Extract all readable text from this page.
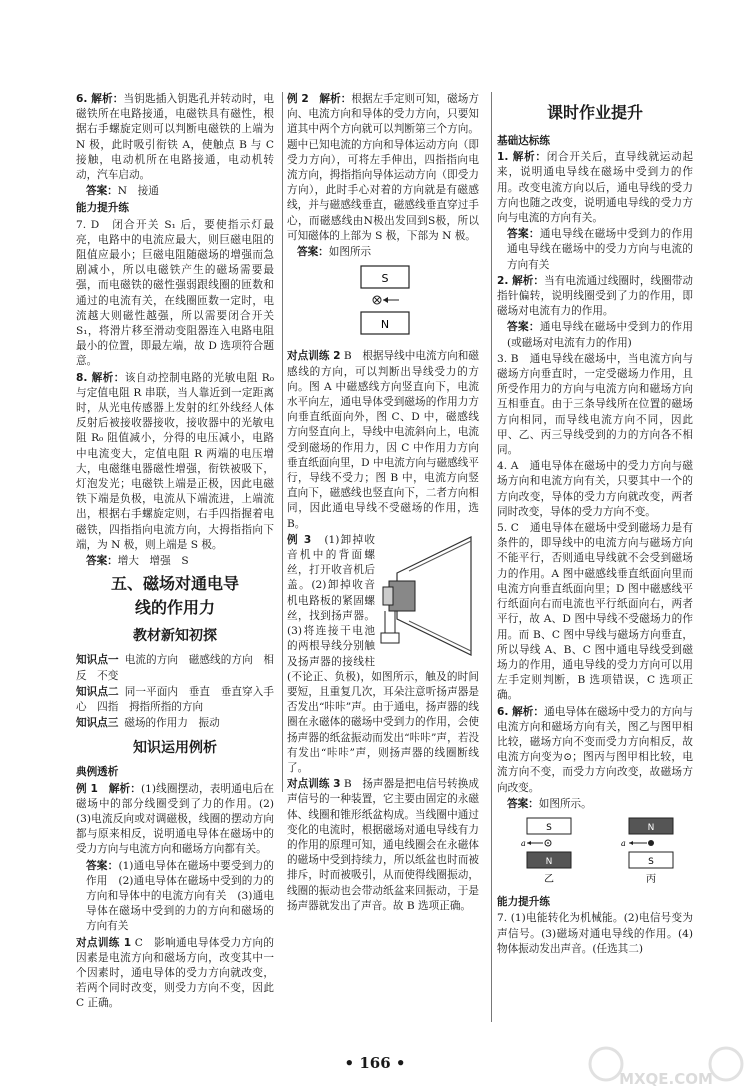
6. 解析：当钥匙插入钥匙孔并转动时，电磁铁所在电路接通，电磁铁具有磁性，根据右手螺旋定则可以判断电磁铁的上端为 N 极，此时吸引衔铁 A，使触点 B 与 C 接触，电动机所在电路接通，电动机转动，汽车启动。

答案：N　接通

能力提升练

7. D　闭合开关 S₁ 后，要使指示灯最亮，电路中的电流应最大，则巨磁电阻的阻值应最小；巨磁电阻随磁场的增强而急剧减小，所以电磁铁产生的磁场需要最强，而电磁铁的磁性强弱跟线圈的匝数和通过的电流有关，在线圈匝数一定时，电流越大则磁性越强，所以需要闭合开关 S₁，将滑片移至滑动变阻器连入电路电阻最小的位置，即最左端，故 D 选项符合题意。

8. 解析：该自动控制电路的光敏电阻 R₀ 与定值电阻 R 串联，当人靠近到一定距离时，从光电传感器上发射的红外线经人体反射后被接收器接收，接收器中的光敏电阻 R₀ 阻值减小，分得的电压减小，电路中电流变大，定值电阻 R 两端的电压增大，电磁继电器磁性增强，衔铁被吸下，灯泡发光；电磁铁上端是正极，因此电磁铁下端是负极，电流从下端流进，上端流出，根据右手螺旋定则，右手四指握着电磁铁，四指指向电流方向，大拇指指向下端，为 N 极，则上端是 S 极。

答案：增大　增强　S

五、磁场对通电导
线的作用力
教材新知初探

知识点一 电流的方向　磁感线的方向　相反　不变

知识点二 同一平面内　垂直　垂直穿入手心　四指　拇指所指的方向

知识点三 磁场的作用力　振动

知识运用例析
典例透析

例 1　解析：(1)线圈摆动，表明通电后在磁场中的部分线圈受到了力的作用。(2)(3)电流反向或对调磁极，线圈的摆动方向都与原来相反，说明通电导体在磁场中的受力方向与电流方向和磁场方向都有关。

答案：(1)通电导体在磁场中要受到力的作用　(2)通电导体在磁场中受到的力的方向和导体中的电流方向有关　(3)通电导体在磁场中受到的力的方向和磁场的方向有关

对点训练 1 C　影响通电导体受力方向的因素是电流方向和磁场方向，改变其中一个因素时，通电导体的受力方向就改变，若两个同时改变，则受力方向不变，因此 C 正确。

例 2　解析：根据左手定则可知，磁场方向、电流方向和导体的受力方向，只要知道其中两个方向就可以判断第三个方向。题中已知电流的方向和导体运动方向（即受力方向），可将左手伸出，四指指向电流方向，拇指指向导体运动方向（即受力方向），此时手心对着的方向就是有磁感线，并与磁感线垂直，磁感线垂直穿过手心，而磁感线由N极出发回到S极，所以可知磁体的上部为 S 极，下部为 N 极。

答案：如图所示

S
N

对点训练 2 B　根据导线中电流方向和磁感线的方向，可以判断出导线受力的方向。图 A 中磁感线方向竖直向下，电流水平向左，通电导体受到磁场的作用力方向垂直纸面向外，图 C、D 中，磁感线方向竖直向上，导线中电流斜向上，电流受到磁场的作用力，因 C 中作用力方向垂直纸面向里，D 中电流方向与磁感线平行，导线不受力；图 B 中，电流方向竖直向下，磁感线也竖直向下，二者方向相同，因此通电导线不受磁场的作用，选 B。

例 3　 (1)卸掉收音机中的背面螺丝，打开收音机后盖。(2)卸掉收音机电路板的紧固螺丝，找到扬声器。(3)将连接干电池的两根导线分别触及扬声器的接线柱(不论正、负极)，如图所示，触及的时间要短，且重复几次，耳朵注意听扬声器是否发出“咔咔”声。由于通电，扬声器的线圈在永磁体的磁场中受到力的作用，会使扬声器的纸盆振动而发出“咔咔”声，若没有发出“咔咔”声，则扬声器的线圈断线了。

对点训练 3 B　扬声器是把电信号转换成声信号的一种装置，它主要由固定的永磁体、线圈和锥形纸盆构成。当线圈中通过变化的电流时，根据磁场对通电导线有力的作用的原理可知，通电线圈会在永磁体的磁场中受到持续力，所以纸盆也时而被排斥，时而被吸引，从而使得线圈振动，线圈的振动也会带动纸盆来回振动，于是扬声器就发出了声音。故 B 选项正确。

课时作业提升
基础达标练

1. 解析：闭合开关后，直导线就运动起来，说明通电导线在磁场中受到力的作用。改变电流方向以后，通电导线的受力方向也随之改变，说明通电导线的受力方向与电流的方向有关。

答案：通电导线在磁场中受到力的作用　通电导线在磁场中的受力方向与电流的方向有关

2. 解析：当有电流通过线圈时，线圈带动指针偏转，说明线圈受到了力的作用，即磁场对电流有力的作用。

答案：通电导线在磁场中受到力的作用(或磁场对电流有力的作用)

3. B　通电导线在磁场中，当电流方向与磁场方向垂直时，一定受磁场力作用，且所受作用力的方向与电流方向和磁场方向互相垂直。由于三条导线所在位置的磁场方向相同，而导线电流方向不同，因此甲、乙、丙三导线受到的力的方向各不相同。

4. A　通电导体在磁场中的受力方向与磁场方向和电流方向有关，只要其中一个的方向改变，导体的受力方向就改变，两者同时改变，导体的受力方向不变。

5. C　通电导体在磁场中受到磁场力是有条件的，即导线中的电流方向与磁场方向不能平行，否则通电导线就不会受到磁场力的作用。A 图中磁感线垂直纸面向里而电流方向垂直纸面向里；D 图中磁感线平行纸面向右而电流也平行纸面向右，两者平行，故 A、D 图中导线不受磁场力的作用。而 B、C 图中导线与磁场方向垂直，所以导线 A、B、C 图中通电导线受到磁场力的作用，通电导线的受力方向可以用左手定则判断，B 选项错误，C 选项正确。

6. 解析：通电导体在磁场中受力的方向与电流方向和磁场方向有关，图乙与图甲相比较，磁场方向不变而受力方向相反，故电流方向变为⊙；图丙与图甲相比较，电流方向不变，而受力方向改变，故磁场方向改变。

答案：如图所示。

S
a
N
乙
N
a
S
丙
能力提升练

7. (1)电能转化为机械能。(2)电信号变为声信号。(3)磁场对通电导线的作用。(4)物体振动发出声音。(任选其二)

• 166 •
MXQE.COM
